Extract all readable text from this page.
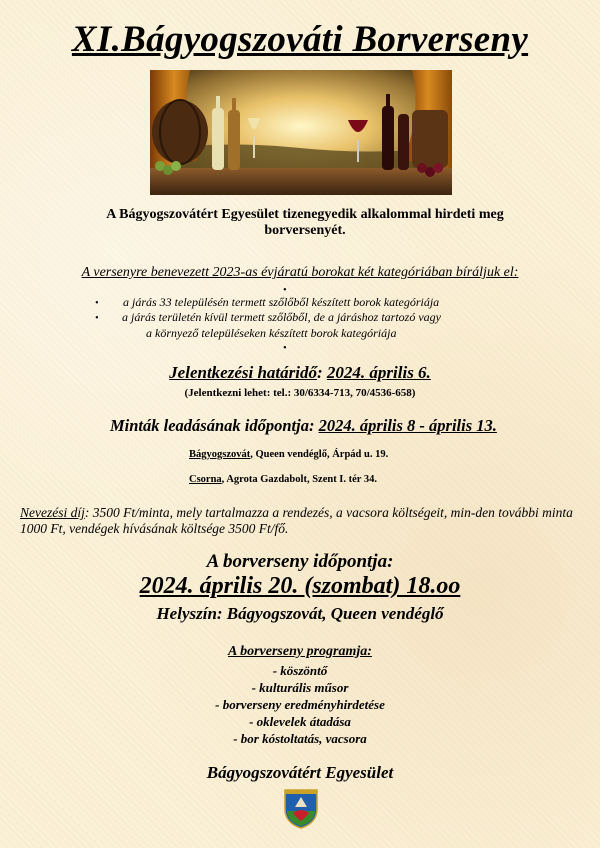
XI.Bágyogszováti Borverseny
A Bágyogszovátért Egyesület tizenegyedik alkalommal hirdeti meg borversenyét.
A versenyre benevezett 2023-as évjáratú borokat két kategóriában bíráljuk el:
•
• a járás 33 településén termett szőlőből készített borok kategóriája
• a járás területén kívül termett szőlőből, de a járáshoz tartozó vagy
a környező településeken készített borok kategóriája
•
Jelentkezési határidő: 2024. április 6.
(Jelentkezni lehet: tel.: 30/6334-713, 70/4536-658)
Minták leadásának időpontja: 2024. április 8 - április 13.
Bágyogszovát, Queen vendéglő, Árpád u. 19.
Csorna, Agrota Gazdabolt, Szent I. tér 34.
Nevezési díj: 3500 Ft/minta, mely tartalmazza a rendezés, a vacsora költségeit, min-den további minta 1000 Ft, vendégek hívásának költsége 3500 Ft/fő.
A borverseny időpontja:
2024. április 20. (szombat) 18.oo
Helyszín: Bágyogszovát, Queen vendéglő
A borverseny programja:
- köszöntő
- kulturális műsor
- borverseny eredményhirdetése
- oklevelek átadása
- bor kóstoltatás, vacsora
Bágyogszovátért Egyesület
